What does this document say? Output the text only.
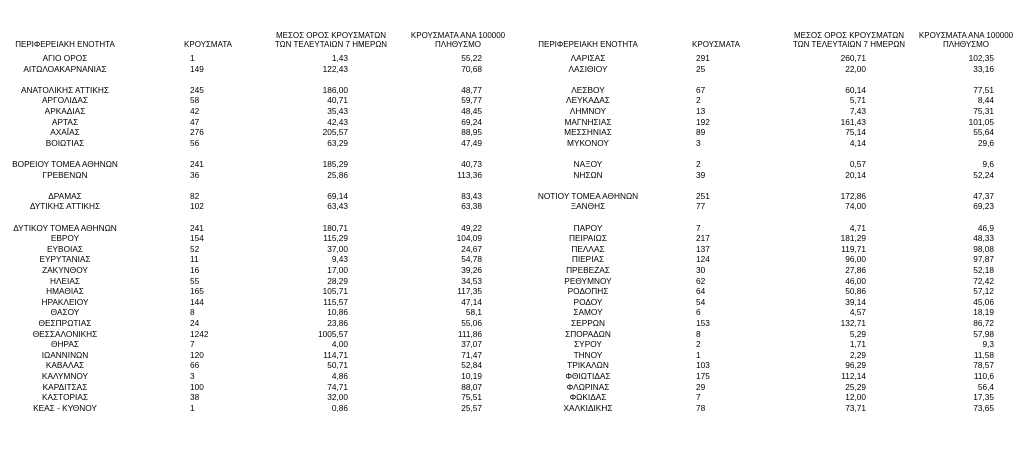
ΠΕΡΙΦΕΡΕΙΑΚΗ ΕΝΟΤΗΤΑ	ΚΡΟΥΣΜΑΤΑ
ΜΕΣΟΣ ΟΡΟΣ ΚΡΟΥΣΜΑΤΩΝ
ΤΩΝ ΤΕΛΕΥΤΑΙΩΝ 7 ΗΜΕΡΩΝ
ΚΡΟΥΣΜΑΤΑ ΑΝΑ 100000
ΠΛΗΘΥΣΜΟ
ΑΓΙΟ ΟΡΟΣ	1	1,43	55,22
ΑΙΤΩΛΟΑΚΑΡΝΑΝΙΑΣ	149	122,43	70,68
ΑΝΑΤΟΛΙΚΗΣ ΑΤΤΙΚΗΣ	245	186,00	48,77
ΑΡΓΟΛΙΔΑΣ	58	40,71	59,77
ΑΡΚΑΔΙΑΣ	42	35,43	48,45
ΑΡΤΑΣ	47	42,43	69,24
ΑΧΑΪΑΣ	276	205,57	88,95
ΒΟΙΩΤΙΑΣ	56	63,29	47,49
ΒΟΡΕΙΟΥ ΤΟΜΕΑ ΑΘΗΝΩΝ	241	185,29	40,73
ΓΡΕΒΕΝΩΝ	36	25,86	113,36
ΔΡΑΜΑΣ	82	69,14	83,43
ΔΥΤΙΚΗΣ ΑΤΤΙΚΗΣ	102	63,43	63,38
ΔΥΤΙΚΟΥ ΤΟΜΕΑ ΑΘΗΝΩΝ	241	180,71	49,22
ΕΒΡΟΥ	154	115,29	104,09
ΕΥΒΟΙΑΣ	52	37,00	24,67
ΕΥΡΥΤΑΝΙΑΣ	11	9,43	54,78
ΖΑΚΥΝΘΟΥ	16	17,00	39,26
ΗΛΕΙΑΣ	55	28,29	34,53
ΗΜΑΘΙΑΣ	165	105,71	117,35
ΗΡΑΚΛΕΙΟΥ	144	115,57	47,14
ΘΑΣΟΥ	8	10,86	58,1
ΘΕΣΠΡΩΤΙΑΣ	24	23,86	55,06
ΘΕΣΣΑΛΟΝΙΚΗΣ	1242	1005,57	111,86
ΘΗΡΑΣ	7	4,00	37,07
ΙΩΑΝΝΙΝΩΝ	120	114,71	71,47
ΚΑΒΑΛΑΣ	66	50,71	52,84
ΚΑΛΥΜΝΟΥ	3	4,86	10,19
ΚΑΡΔΙΤΣΑΣ	100	74,71	88,07
ΚΑΣΤΟΡΙΑΣ	38	32,00	75,51
ΚΕΑΣ - ΚΥΘΝΟΥ	1	0,86	25,57
ΠΕΡΙΦΕΡΕΙΑΚΗ ΕΝΟΤΗΤΑ	ΚΡΟΥΣΜΑΤΑ
ΜΕΣΟΣ ΟΡΟΣ ΚΡΟΥΣΜΑΤΩΝ
ΤΩΝ ΤΕΛΕΥΤΑΙΩΝ 7 ΗΜΕΡΩΝ
ΚΡΟΥΣΜΑΤΑ ΑΝΑ 100000
ΠΛΗΘΥΣΜΟ
ΛΑΡΙΣΑΣ	291	260,71	102,35
ΛΑΣΙΘΙΟΥ	25	22,00	33,16
ΛΕΣΒΟΥ	67	60,14	77,51
ΛΕΥΚΑΔΑΣ	2	5,71	8,44
ΛΗΜΝΟΥ	13	7,43	75,31
ΜΑΓΝΗΣΙΑΣ	192	161,43	101,05
ΜΕΣΣΗΝΙΑΣ	89	75,14	55,64
ΜΥΚΟΝΟΥ	3	4,14	29,6
ΝΑΞΟΥ	2	0,57	9,6
ΝΗΣΩΝ	39	20,14	52,24
ΝΟΤΙΟΥ ΤΟΜΕΑ ΑΘΗΝΩΝ	251	172,86	47,37
ΞΑΝΘΗΣ	77	74,00	69,23
ΠΑΡΟΥ	7	4,71	46,9
ΠΕΙΡΑΙΩΣ	217	181,29	48,33
ΠΕΛΛΑΣ	137	119,71	98,08
ΠΙΕΡΙΑΣ	124	96,00	97,87
ΠΡΕΒΕΖΑΣ	30	27,86	52,18
ΡΕΘΥΜΝΟΥ	62	46,00	72,42
ΡΟΔΟΠΗΣ	64	50,86	57,12
ΡΟΔΟΥ	54	39,14	45,06
ΣΑΜΟΥ	6	4,57	18,19
ΣΕΡΡΩΝ	153	132,71	86,72
ΣΠΟΡΑΔΩΝ	8	5,29	57,98
ΣΥΡΟΥ	2	1,71	9,3
ΤΗΝΟΥ	1	2,29	11,58
ΤΡΙΚΑΛΩΝ	103	96,29	78,57
ΦΘΙΩΤΙΔΑΣ	175	112,14	110,6
ΦΛΩΡΙΝΑΣ	29	25,29	56,4
ΦΩΚΙΔΑΣ	7	12,00	17,35
ΧΑΛΚΙΔΙΚΗΣ	78	73,71	73,65
